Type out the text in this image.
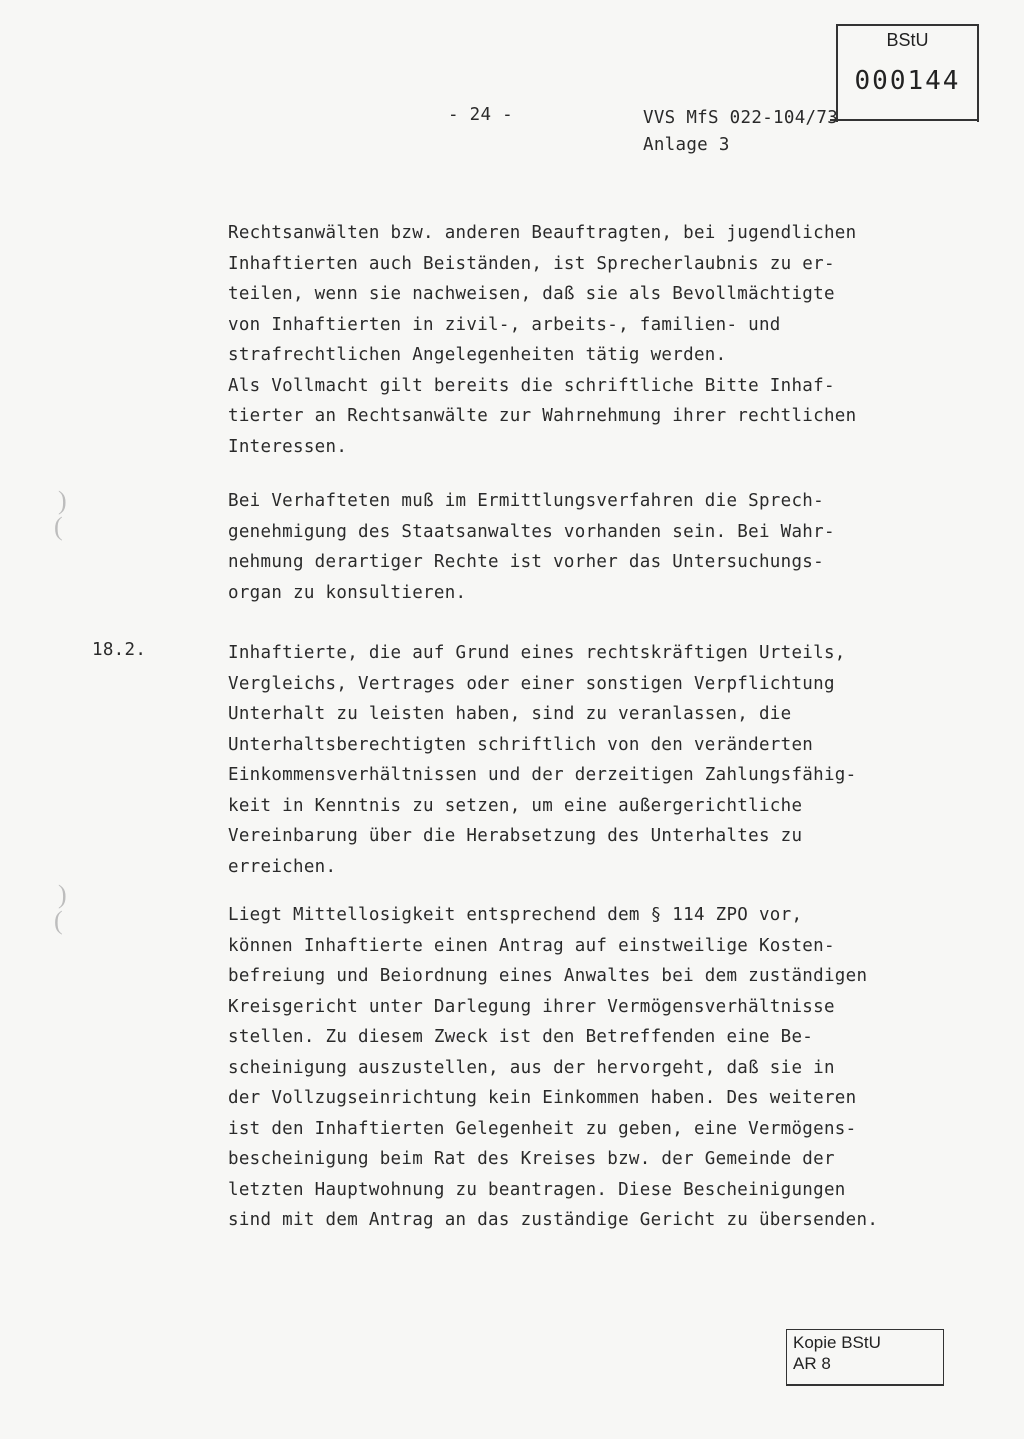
BStU
000144
- 24 -	VVS MfS 022-104/73
Anlage 3
Rechtsanwälten bzw. anderen Beauftragten, bei jugendlichen
Inhaftierten auch Beiständen, ist Sprecherlaubnis zu er-
teilen, wenn sie nachweisen, daß sie als Bevollmächtigte
von Inhaftierten in zivil-, arbeits-, familien- und
strafrechtlichen Angelegenheiten tätig werden.
Als Vollmacht gilt bereits die schriftliche Bitte Inhaf-
tierter an Rechtsanwälte zur Wahrnehmung ihrer rechtlichen
Interessen.
Bei Verhafteten muß im Ermittlungsverfahren die Sprech-
genehmigung des Staatsanwaltes vorhanden sein. Bei Wahr-
nehmung derartiger Rechte ist vorher das Untersuchungs-
organ zu konsultieren.
18.2.	Inhaftierte, die auf Grund eines rechtskräftigen Urteils,
Vergleichs, Vertrages oder einer sonstigen Verpflichtung
Unterhalt zu leisten haben, sind zu veranlassen, die
Unterhaltsberechtigten schriftlich von den veränderten
Einkommensverhältnissen und der derzeitigen Zahlungsfähig-
keit in Kenntnis zu setzen, um eine außergerichtliche
Vereinbarung über die Herabsetzung des Unterhaltes zu
erreichen.
Liegt Mittellosigkeit entsprechend dem § 114 ZPO vor,
können Inhaftierte einen Antrag auf einstweilige Kosten-
befreiung und Beiordnung eines Anwaltes bei dem zuständigen
Kreisgericht unter Darlegung ihrer Vermögensverhältnisse
stellen. Zu diesem Zweck ist den Betreffenden eine Be-
scheinigung auszustellen, aus der hervorgeht, daß sie in
der Vollzugseinrichtung kein Einkommen haben. Des weiteren
ist den Inhaftierten Gelegenheit zu geben, eine Vermögens-
bescheinigung beim Rat des Kreises bzw. der Gemeinde der
letzten Hauptwohnung zu beantragen. Diese Bescheinigungen
sind mit dem Antrag an das zuständige Gericht zu übersenden.
)
(
)
(
Kopie BStU
AR 8
